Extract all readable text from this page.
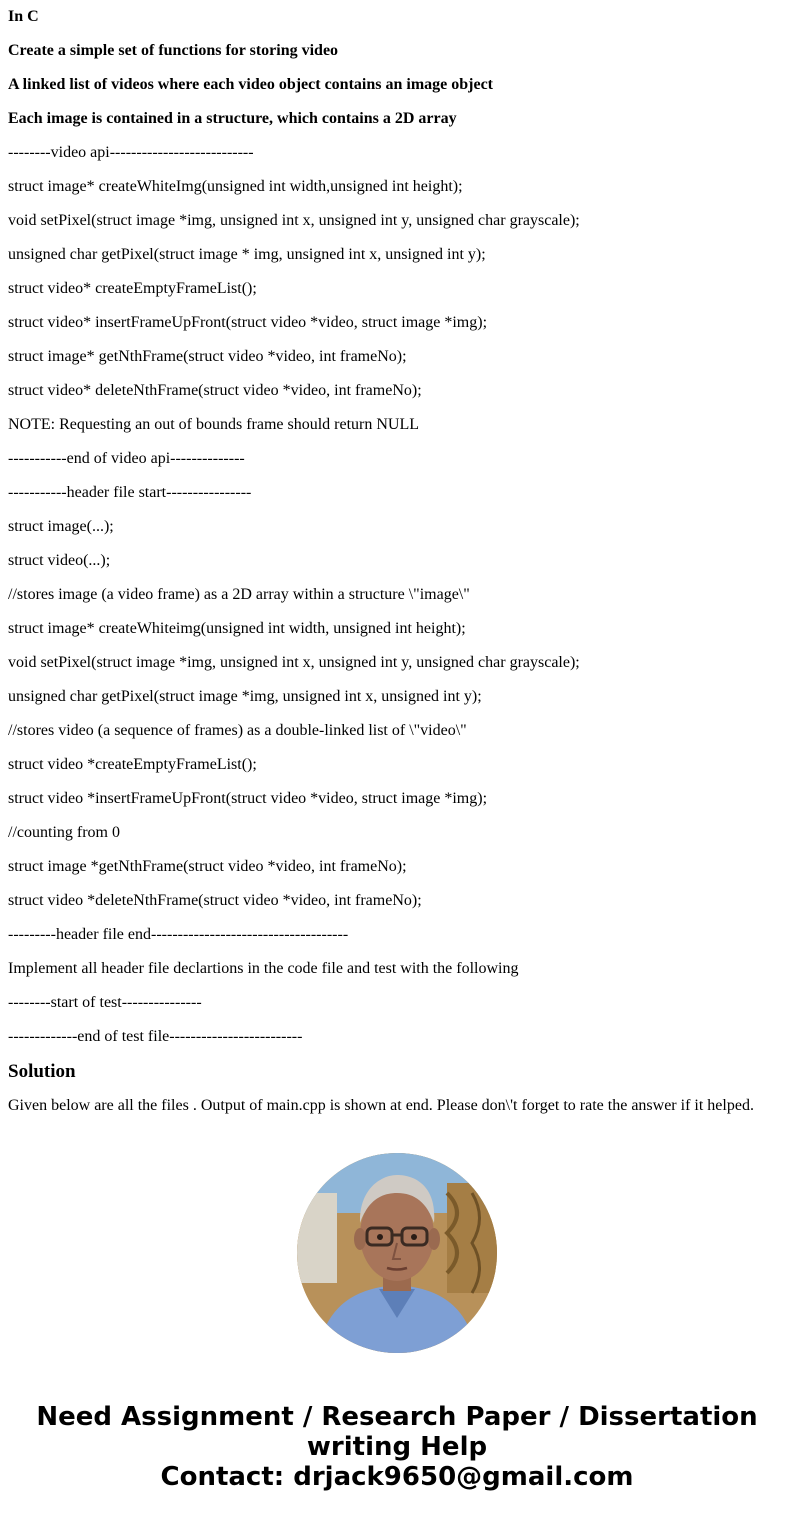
In C

Create a simple set of functions for storing video

A linked list of videos where each video object contains an image object

Each image is contained in a structure, which contains a 2D array

--------video api---------------------------

struct image* createWhiteImg(unsigned int width,unsigned int height);

void setPixel(struct image *img, unsigned int x, unsigned int y, unsigned char grayscale);

unsigned char getPixel(struct image * img, unsigned int x, unsigned int y);

struct video* createEmptyFrameList();

struct video* insertFrameUpFront(struct video *video, struct image *img);

struct image* getNthFrame(struct video *video, int frameNo);

struct video* deleteNthFrame(struct video *video, int frameNo);

NOTE: Requesting an out of bounds frame should return NULL

-----------end of video api--------------

-----------header file start----------------

struct image(...);

struct video(...);

//stores image (a video frame) as a 2D array within a structure \"image\"

struct image* createWhiteimg(unsigned int width, unsigned int height);

void setPixel(struct image *img, unsigned int x, unsigned int y, unsigned char grayscale);

unsigned char getPixel(struct image *img, unsigned int x, unsigned int y);

//stores video (a sequence of frames) as a double-linked list of \"video\"

struct video *createEmptyFrameList();

struct video *insertFrameUpFront(struct video *video, struct image *img);

//counting from 0

struct image *getNthFrame(struct video *video, int frameNo);

struct video *deleteNthFrame(struct video *video, int frameNo);

---------header file end-------------------------------------

Implement all header file declartions in the code file and test with the following

--------start of test---------------

-------------end of test file-------------------------

Solution

Given below are all the files . Output of main.cpp is shown at end. Please don\'t forget to rate the answer if it helped.

Need Assignment / Research Paper / Dissertation
writing Help
Contact: drjack9650@gmail.com
